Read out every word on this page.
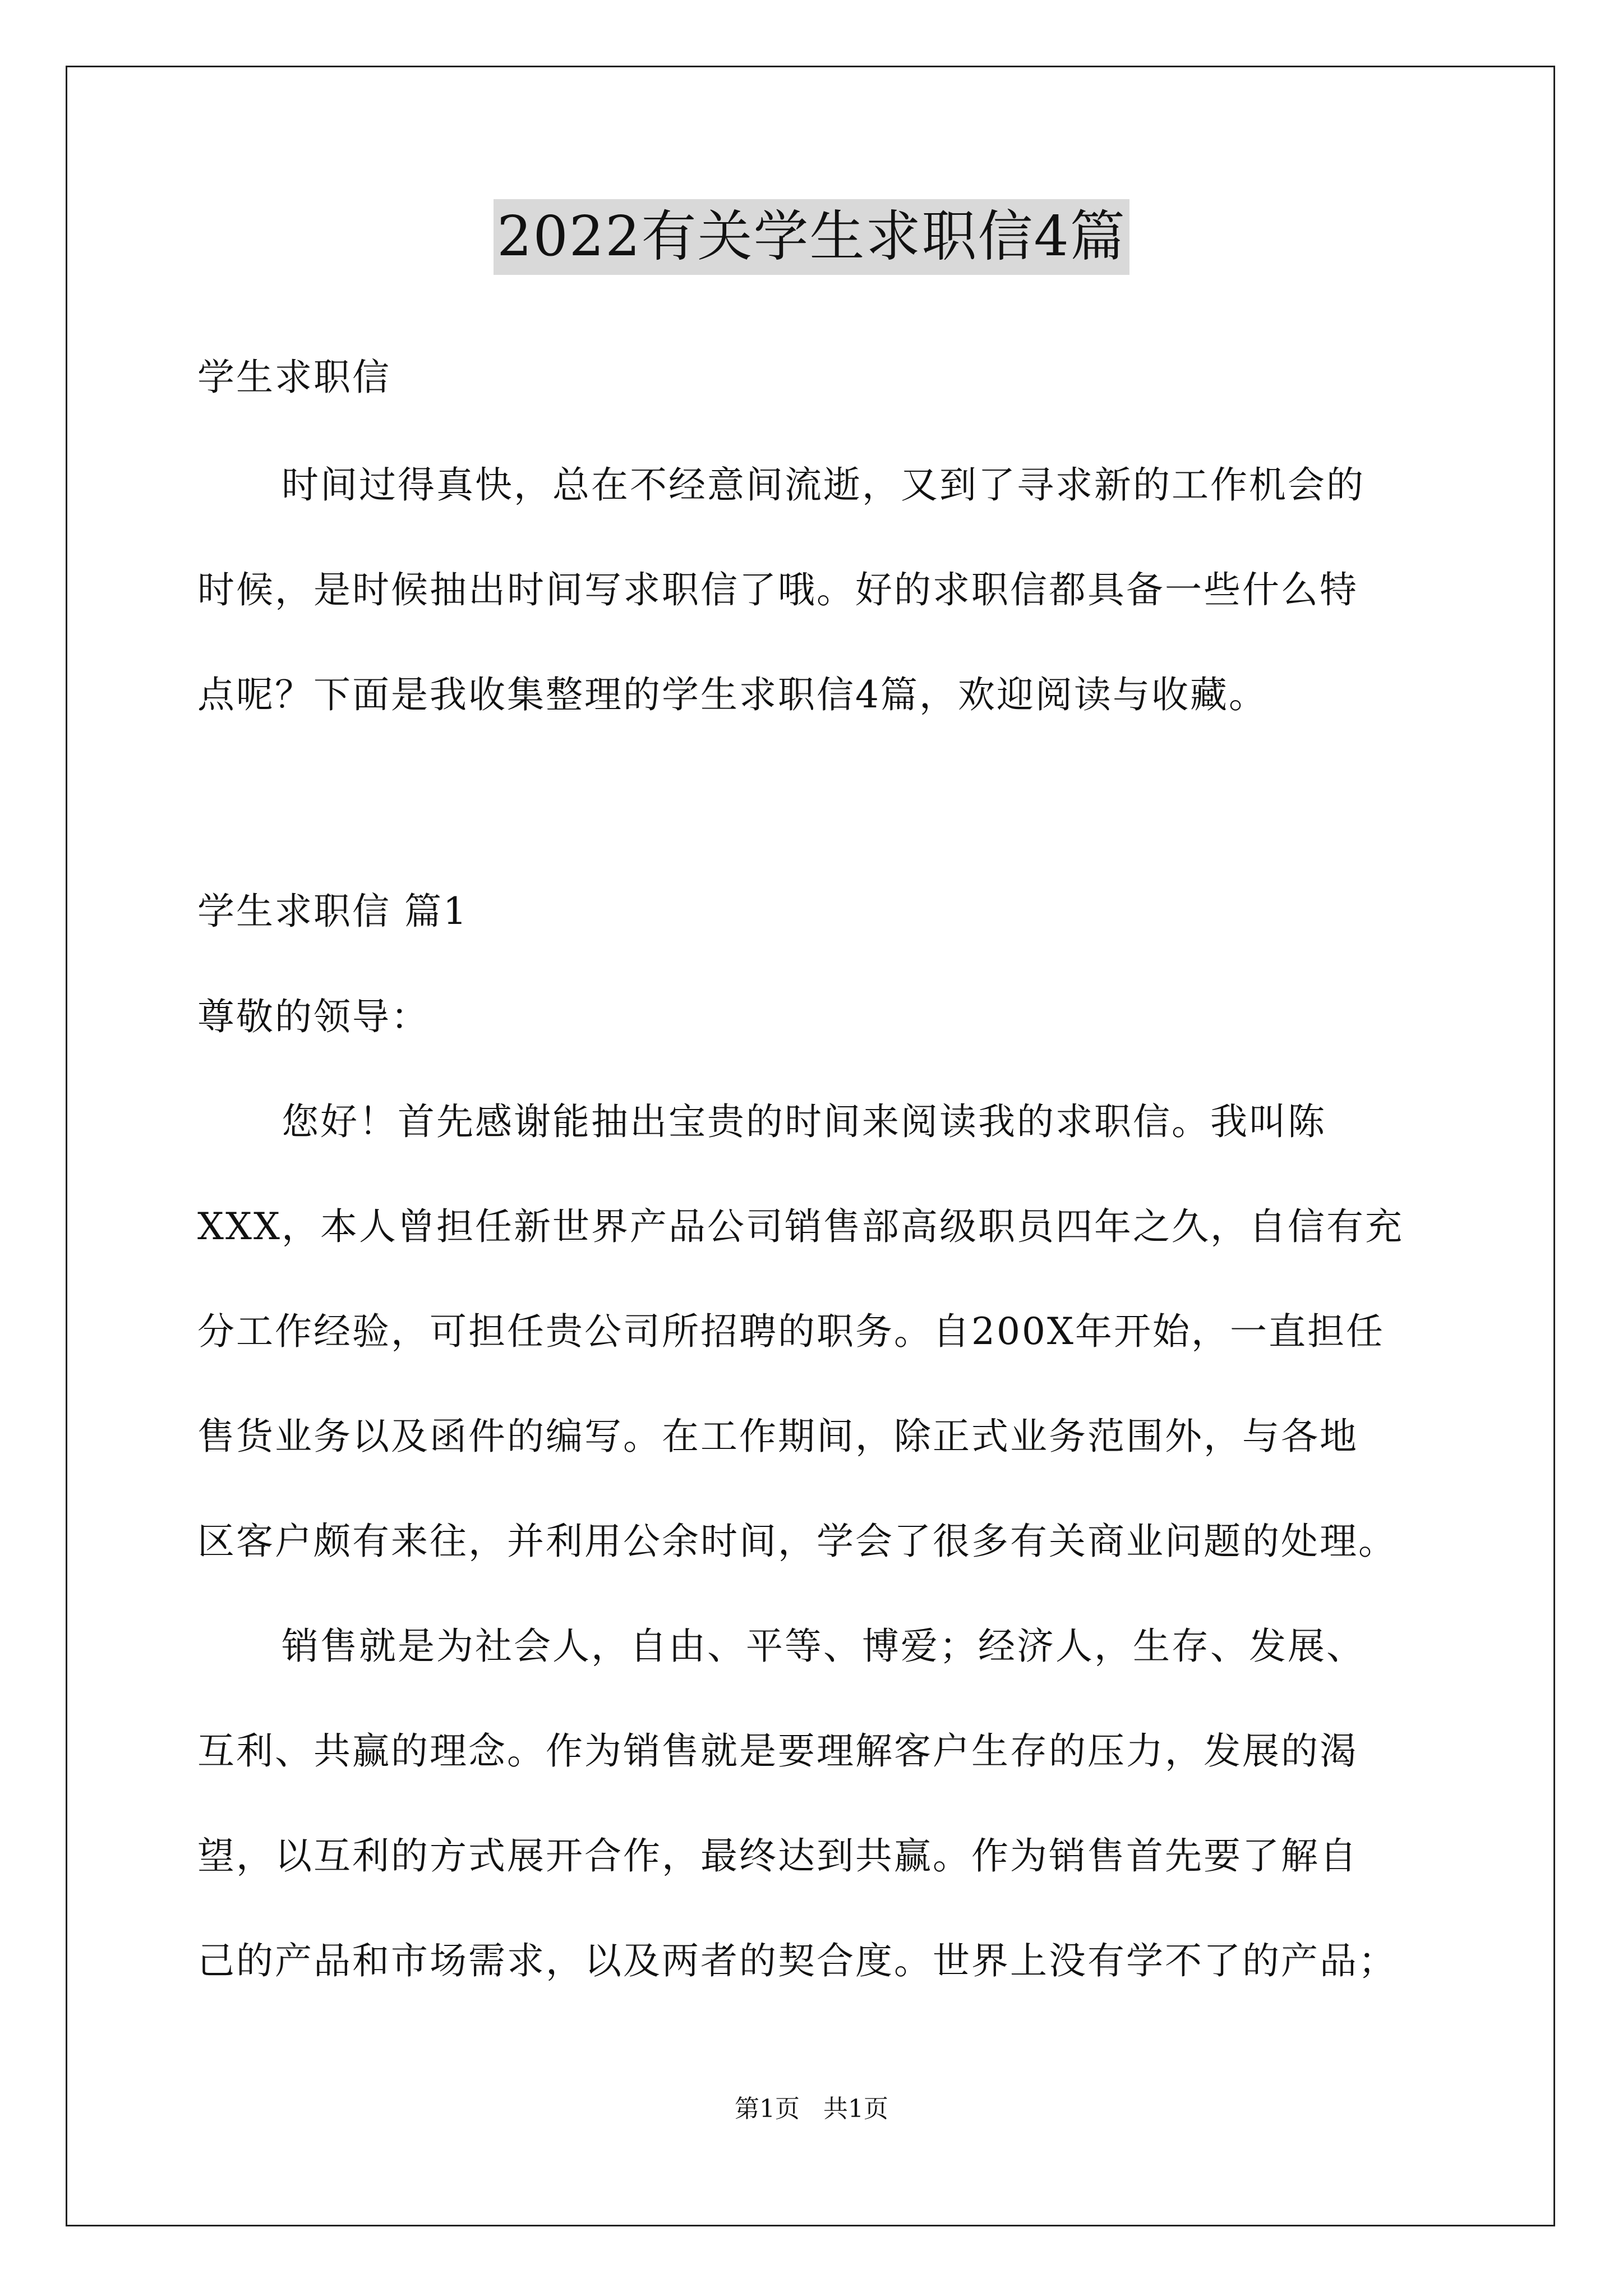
2022有关学生求职信4篇
学生求职信
时间过得真快，总在不经意间流逝，又到了寻求新的工作机会的
时候，是时候抽出时间写求职信了哦。好的求职信都具备一些什么特
点呢？下面是我收集整理的学生求职信4篇，欢迎阅读与收藏。
学生求职信 篇1
尊敬的领导：
您好！首先感谢能抽出宝贵的时间来阅读我的求职信。我叫陈
XXX，本人曾担任新世界产品公司销售部高级职员四年之久，自信有充
分工作经验，可担任贵公司所招聘的职务。自200X年开始，一直担任
售货业务以及函件的编写。在工作期间，除正式业务范围外，与各地
区客户颇有来往，并利用公余时间，学会了很多有关商业问题的处理。
销售就是为社会人，自由、平等、博爱；经济人，生存、发展、
互利、共赢的理念。作为销售就是要理解客户生存的压力，发展的渴
望，以互利的方式展开合作，最终达到共赢。作为销售首先要了解自
己的产品和市场需求，以及两者的契合度。世界上没有学不了的产品；
第1页 共1页
